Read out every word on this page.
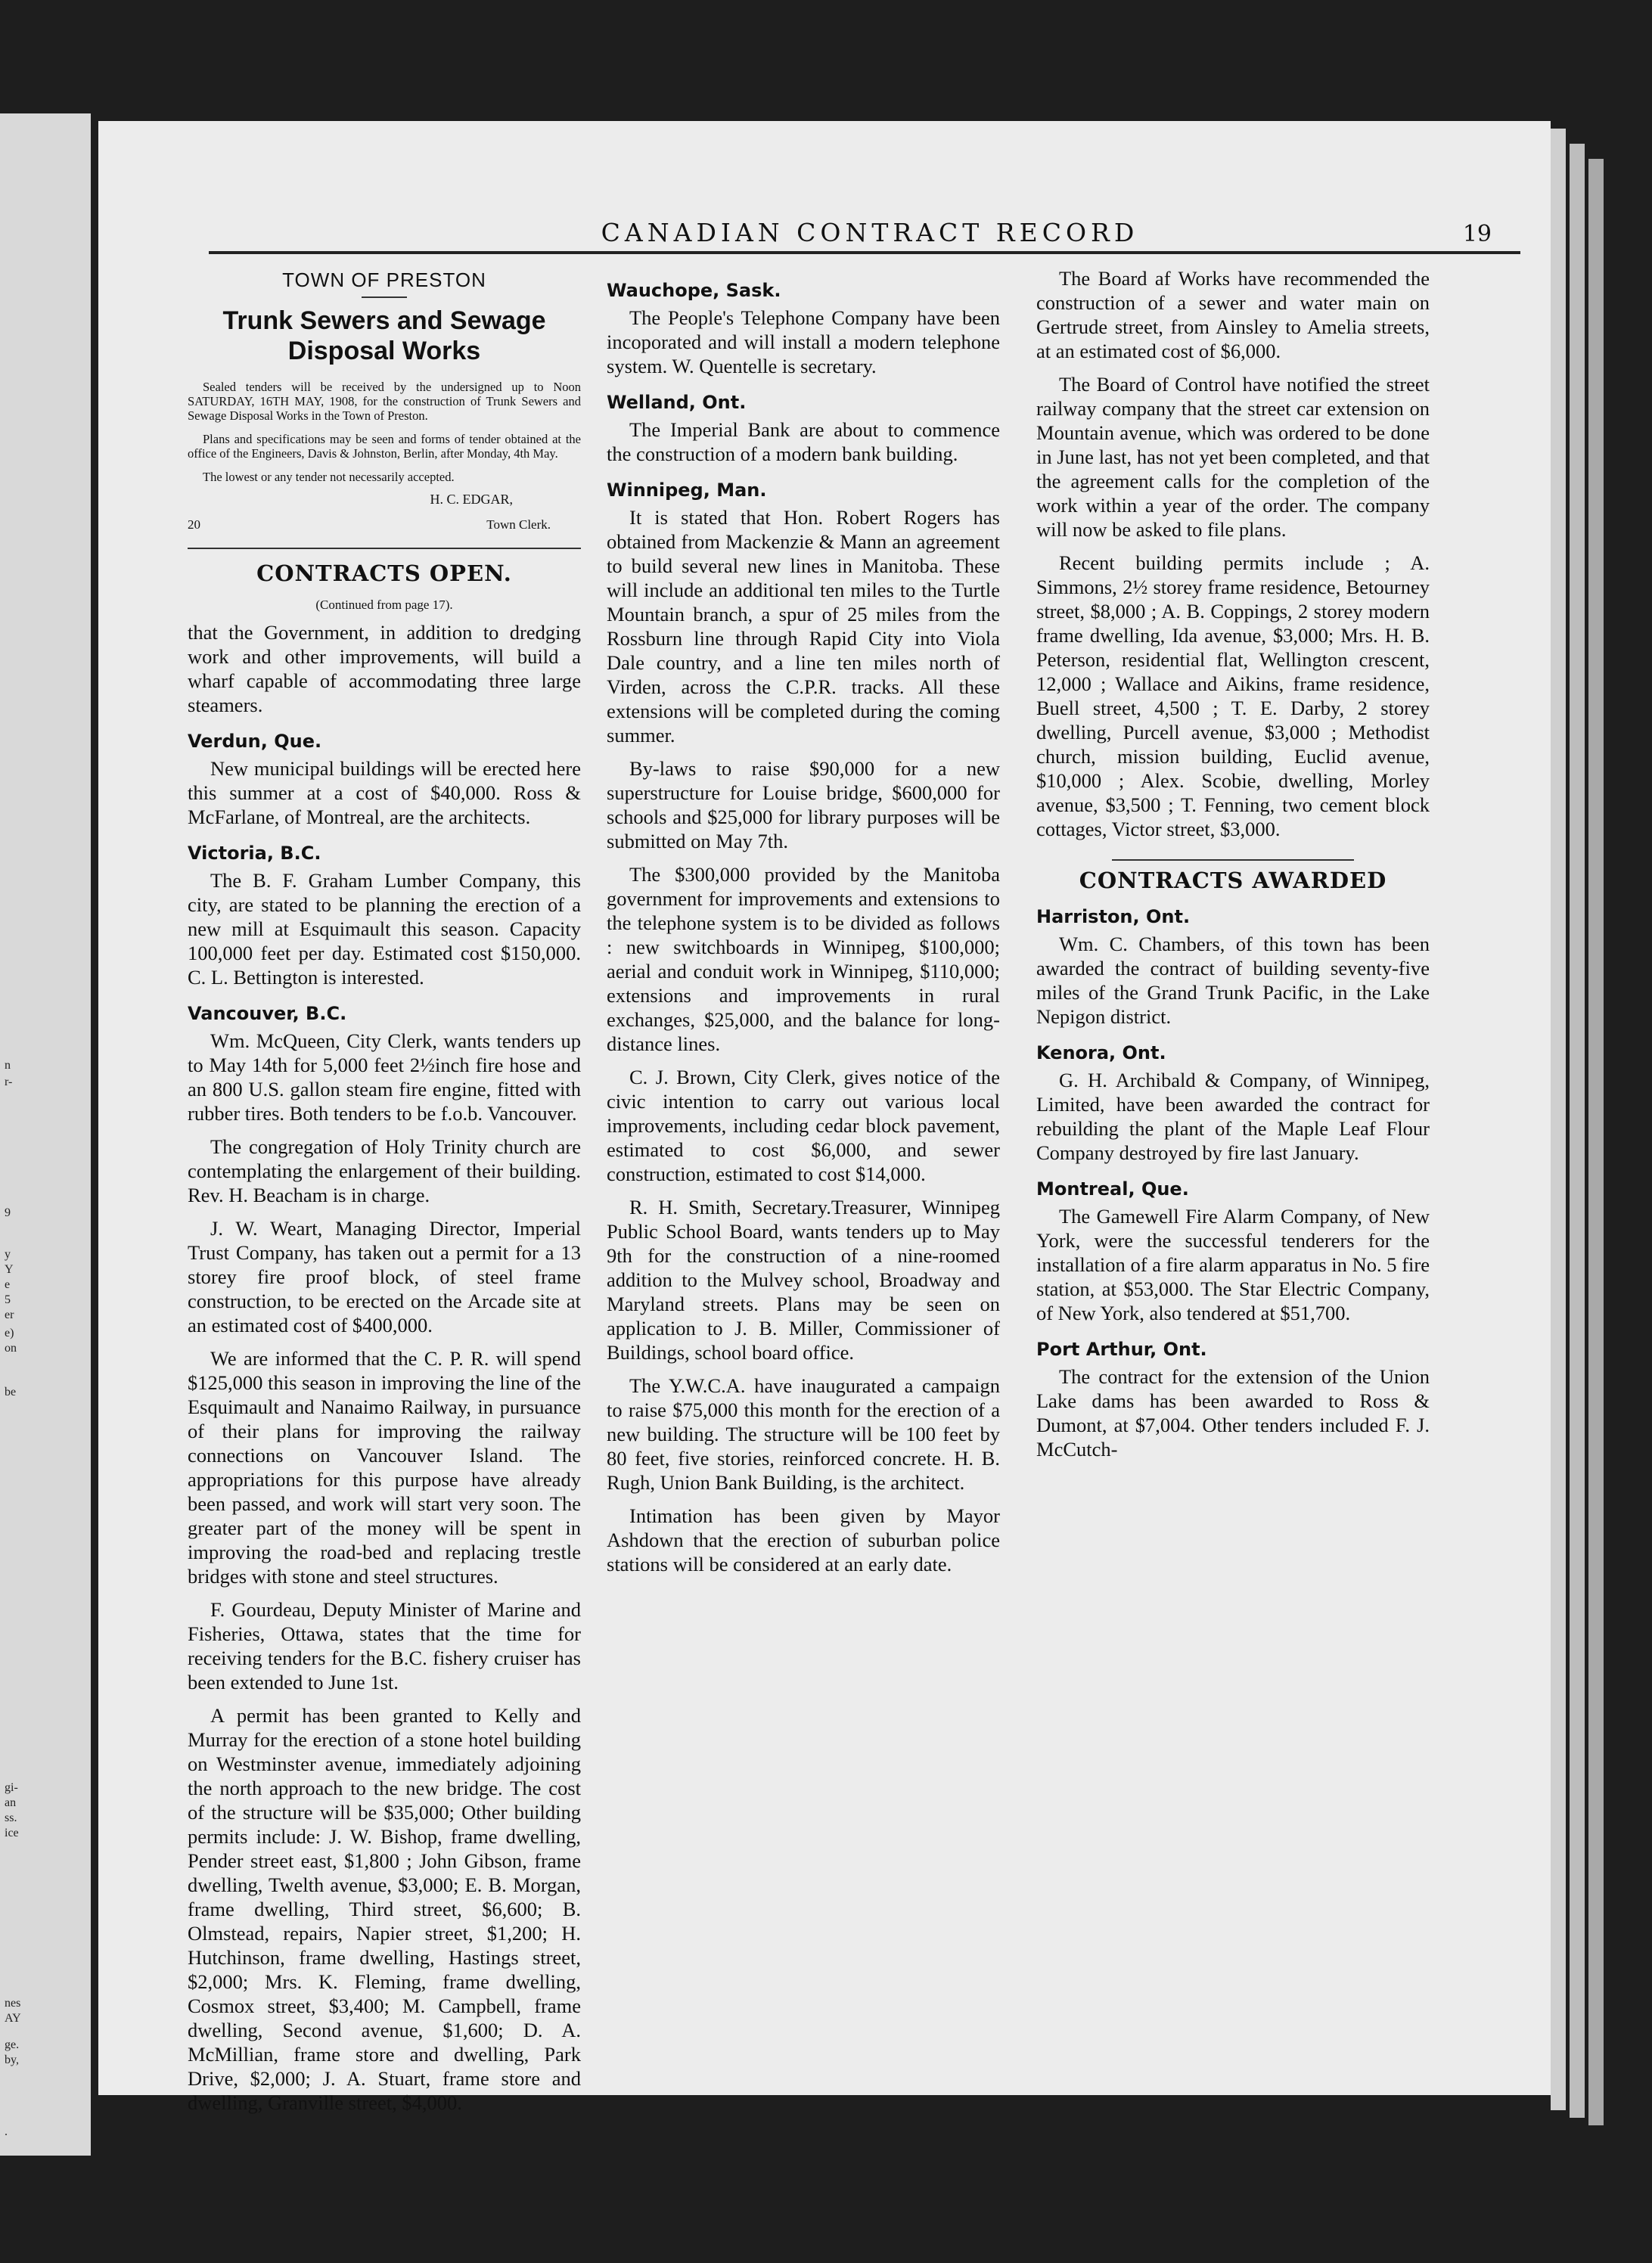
n
r-
9
y
Y
e
5
er
e)
on
be
gi-
an
ss.
ice
nes
AY
ge.
by,
.
CANADIAN CONTRACT RECORD	19
TOWN OF PRESTON
Trunk Sewers and Sewage Disposal Works

Sealed tenders will be received by the undersigned up to Noon SATURDAY, 16TH MAY, 1908, for the construction of Trunk Sewers and Sewage Disposal Works in the Town of Preston.

Plans and specifications may be seen and forms of tender obtained at the office of the Engineers, Davis & Johnston, Berlin, after Monday, 4th May.

The lowest or any tender not necessarily accepted.

H. C. EDGAR,
20	Town Clerk.
CONTRACTS OPEN.
(Continued from page 17).

that the Government, in addition to dredging work and other improvements, will build a wharf capable of accommodating three large steamers.

Verdun, Que.

New municipal buildings will be erected here this summer at a cost of $40,000. Ross & McFarlane, of Montreal, are the architects.

Victoria, B.C.

The B. F. Graham Lumber Company, this city, are stated to be planning the erection of a new mill at Esquimault this season. Capacity 100,000 feet per day. Estimated cost $150,000. C. L. Bettington is interested.

Vancouver, B.C.

Wm. McQueen, City Clerk, wants tenders up to May 14th for 5,000 feet 2½inch fire hose and an 800 U.S. gallon steam fire engine, fitted with rubber tires. Both tenders to be f.o.b. Vancouver.

The congregation of Holy Trinity church are contemplating the enlargement of their building. Rev. H. Beacham is in charge.

J. W. Weart, Managing Director, Imperial Trust Company, has taken out a permit for a 13 storey fire proof block, of steel frame construction, to be erected on the Arcade site at an estimated cost of $400,000.

We are informed that the C. P. R. will spend $125,000 this season in improving the line of the Esquimault and Nanaimo Railway, in pursuance of their plans for improving the railway connections on Vancouver Island. The appropriations for this purpose have already been passed, and work will start very soon. The greater part of the money will be spent in improving the road-bed and replacing trestle bridges with stone and steel structures.

F. Gourdeau, Deputy Minister of Marine and Fisheries, Ottawa, states that the time for receiving tenders for the B.C. fishery cruiser has been extended to June 1st.

A permit has been granted to Kelly and Murray for the erection of a stone hotel building on Westminster avenue, immediately adjoining the north approach to the new bridge. The cost of the structure will be $35,000; Other building permits include: J. W. Bishop, frame dwelling, Pender street east, $1,800 ; John Gibson, frame dwelling, Twelth avenue, $3,000; E. B. Morgan, frame dwelling, Third street, $6,600; B. Olmstead, repairs, Napier street, $1,200; H. Hutchinson, frame dwelling, Hastings street, $2,000; Mrs. K. Fleming, frame dwelling, Cosmox street, $3,400; M. Campbell, frame dwelling, Second avenue, $1,600; D. A. McMillian, frame store and dwelling, Park Drive, $2,000; J. A. Stuart, frame store and dwelling, Granville street, $4,000.

Wauchope, Sask.

The People's Telephone Company have been incoporated and will install a modern telephone system. W. Quentelle is secretary.

Welland, Ont.

The Imperial Bank are about to commence the construction of a modern bank building.

Winnipeg, Man.

It is stated that Hon. Robert Rogers has obtained from Mackenzie & Mann an agreement to build several new lines in Manitoba. These will include an additional ten miles to the Turtle Mountain branch, a spur of 25 miles from the Rossburn line through Rapid City into Viola Dale country, and a line ten miles north of Virden, across the C.P.R. tracks. All these extensions will be completed during the coming summer.

By-laws to raise $90,000 for a new superstructure for Louise bridge, $600,000 for schools and $25,000 for library purposes will be submitted on May 7th.

The $300,000 provided by the Manitoba government for improvements and extensions to the telephone system is to be divided as follows : new switchboards in Winnipeg, $100,000; aerial and conduit work in Winnipeg, $110,000; extensions and improvements in rural exchanges, $25,000, and the balance for long-distance lines.

C. J. Brown, City Clerk, gives notice of the civic intention to carry out various local improvements, including cedar block pavement, estimated to cost $6,000, and sewer construction, estimated to cost $14,000.

R. H. Smith, Secretary.Treasurer, Winnipeg Public School Board, wants tenders up to May 9th for the construction of a nine-roomed addition to the Mulvey school, Broadway and Maryland streets. Plans may be seen on application to J. B. Miller, Commissioner of Buildings, school board office.

The Y.W.C.A. have inaugurated a campaign to raise $75,000 this month for the erection of a new building. The structure will be 100 feet by 80 feet, five stories, reinforced concrete. H. B. Rugh, Union Bank Building, is the architect.

Intimation has been given by Mayor Ashdown that the erection of suburban police stations will be considered at an early date.

The Board af Works have recommended the construction of a sewer and water main on Gertrude street, from Ainsley to Amelia streets, at an estimated cost of $6,000.

The Board of Control have notified the street railway company that the street car extension on Mountain avenue, which was ordered to be done in June last, has not yet been completed, and that the agreement calls for the completion of the work within a year of the order. The company will now be asked to file plans.

Recent building permits include ; A. Simmons, 2½ storey frame residence, Betourney street, $8,000 ; A. B. Coppings, 2 storey modern frame dwelling, Ida avenue, $3,000; Mrs. H. B. Peterson, residential flat, Wellington crescent, 12,000 ; Wallace and Aikins, frame residence, Buell street, 4,500 ; T. E. Darby, 2 storey dwelling, Purcell avenue, $3,000 ; Methodist church, mission building, Euclid avenue, $10,000 ; Alex. Scobie, dwelling, Morley avenue, $3,500 ; T. Fenning, two cement block cottages, Victor street, $3,000.

CONTRACTS AWARDED
Harriston, Ont.

Wm. C. Chambers, of this town has been awarded the contract of building seventy-five miles of the Grand Trunk Pacific, in the Lake Nepigon district.

Kenora, Ont.

G. H. Archibald & Company, of Winnipeg, Limited, have been awarded the contract for rebuilding the plant of the Maple Leaf Flour Company destroyed by fire last January.

Montreal, Que.

The Gamewell Fire Alarm Company, of New York, were the successful tenderers for the installation of a fire alarm apparatus in No. 5 fire station, at $53,000. The Star Electric Company, of New York, also tendered at $51,700.

Port Arthur, Ont.

The contract for the extension of the Union Lake dams has been awarded to Ross & Dumont, at $7,004. Other tenders included F. J. McCutch-
